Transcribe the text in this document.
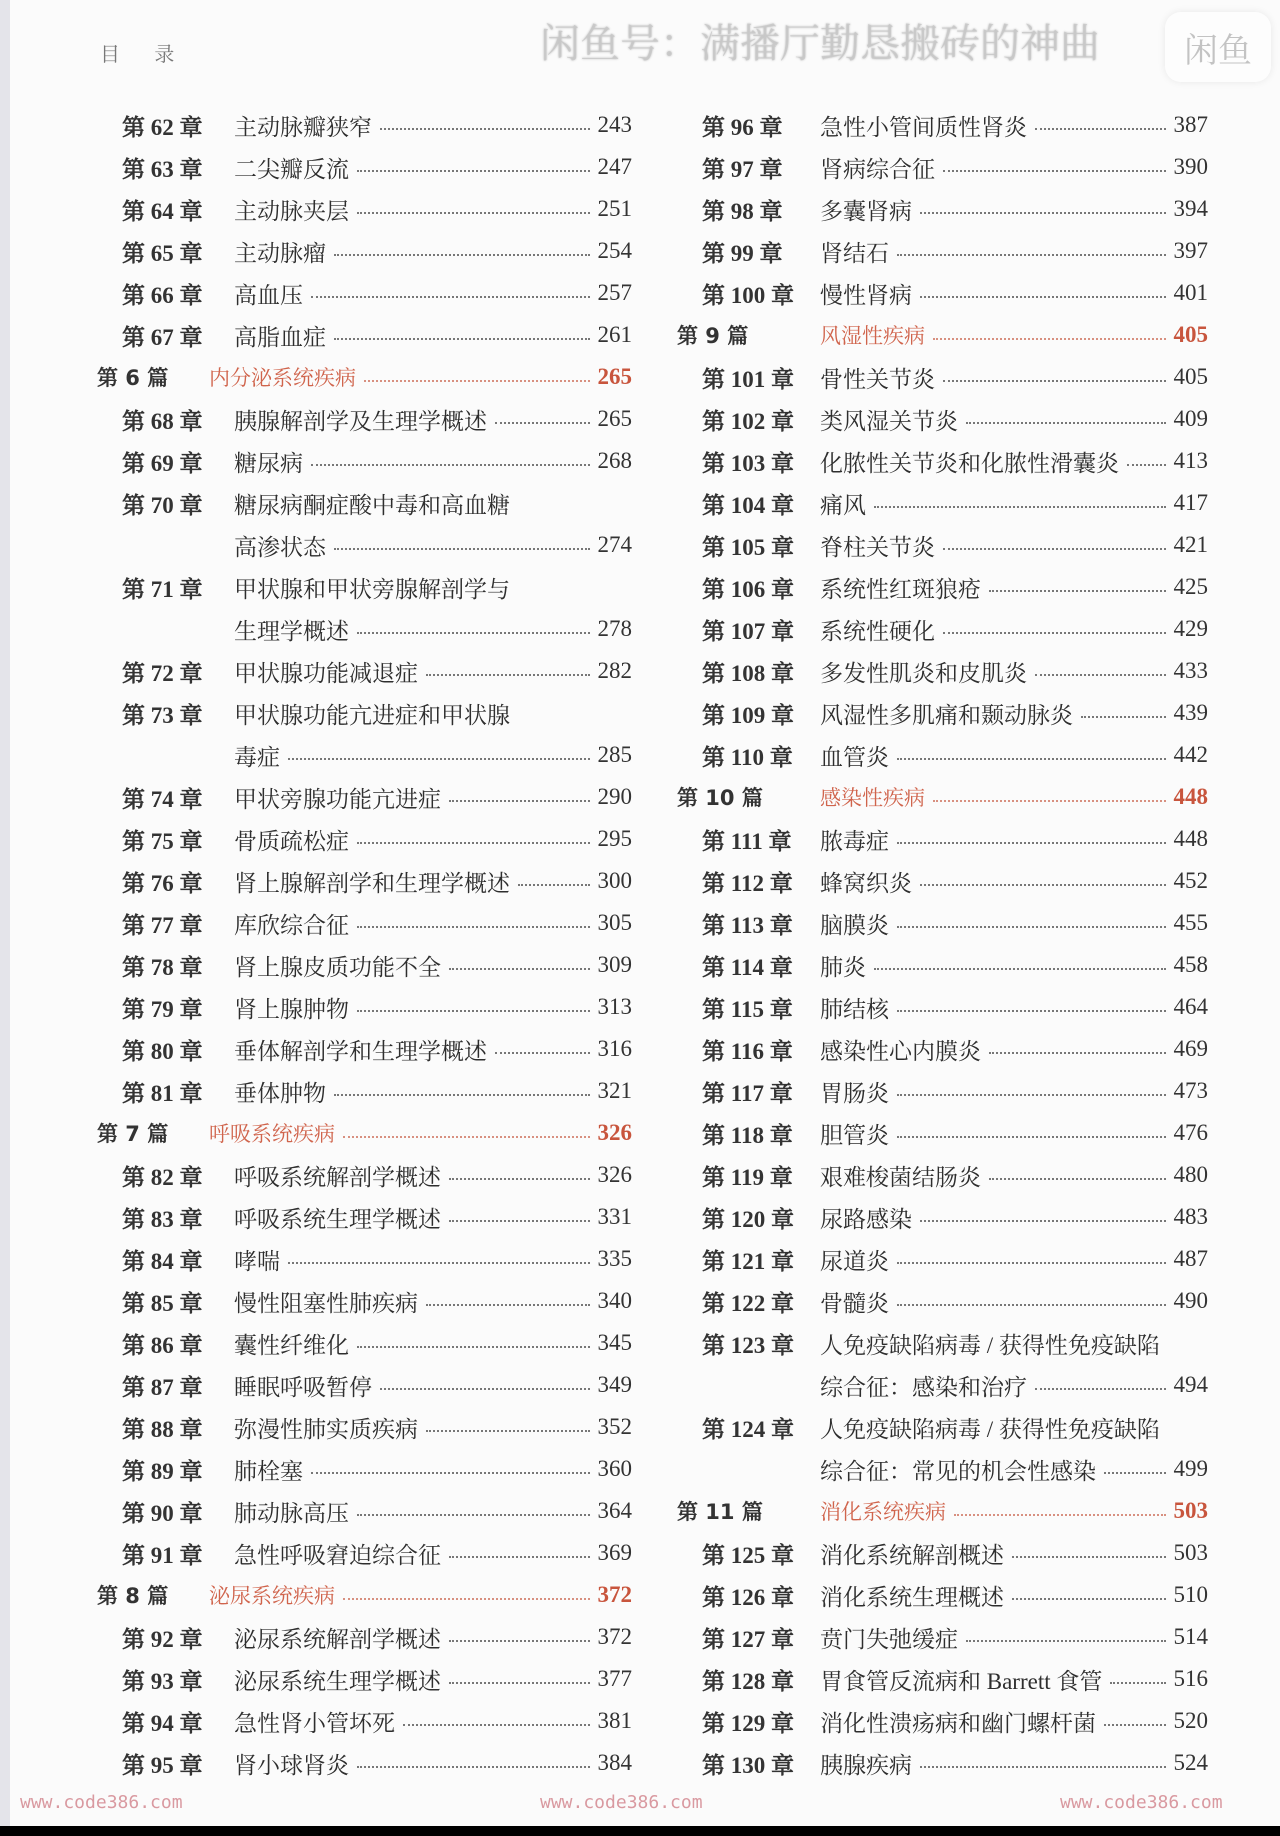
目 录	闲鱼号：满播厅勤恳搬砖的神曲	闲鱼
第 62 章	主动脉瓣狭窄	243
第 63 章	二尖瓣反流	247
第 64 章	主动脉夹层	251
第 65 章	主动脉瘤	254
第 66 章	高血压	257
第 67 章	高脂血症	261
第 6 篇	内分泌系统疾病	265
第 68 章	胰腺解剖学及生理学概述	265
第 69 章	糖尿病	268
第 70 章	糖尿病酮症酸中毒和高血糖
高渗状态	274
第 71 章	甲状腺和甲状旁腺解剖学与
生理学概述	278
第 72 章	甲状腺功能减退症	282
第 73 章	甲状腺功能亢进症和甲状腺
毒症	285
第 74 章	甲状旁腺功能亢进症	290
第 75 章	骨质疏松症	295
第 76 章	肾上腺解剖学和生理学概述	300
第 77 章	库欣综合征	305
第 78 章	肾上腺皮质功能不全	309
第 79 章	肾上腺肿物	313
第 80 章	垂体解剖学和生理学概述	316
第 81 章	垂体肿物	321
第 7 篇	呼吸系统疾病	326
第 82 章	呼吸系统解剖学概述	326
第 83 章	呼吸系统生理学概述	331
第 84 章	哮喘	335
第 85 章	慢性阻塞性肺疾病	340
第 86 章	囊性纤维化	345
第 87 章	睡眠呼吸暂停	349
第 88 章	弥漫性肺实质疾病	352
第 89 章	肺栓塞	360
第 90 章	肺动脉高压	364
第 91 章	急性呼吸窘迫综合征	369
第 8 篇	泌尿系统疾病	372
第 92 章	泌尿系统解剖学概述	372
第 93 章	泌尿系统生理学概述	377
第 94 章	急性肾小管坏死	381
第 95 章	肾小球肾炎	384
第 96 章	急性小管间质性肾炎	387
第 97 章	肾病综合征	390
第 98 章	多囊肾病	394
第 99 章	肾结石	397
第 100 章	慢性肾病	401
第 9 篇	风湿性疾病	405
第 101 章	骨性关节炎	405
第 102 章	类风湿关节炎	409
第 103 章	化脓性关节炎和化脓性滑囊炎 413
第 104 章	痛风	417
第 105 章	脊柱关节炎	421
第 106 章	系统性红斑狼疮	425
第 107 章	系统性硬化	429
第 108 章	多发性肌炎和皮肌炎	433
第 109 章	风湿性多肌痛和颞动脉炎	439
第 110 章	血管炎	442
第 10 篇	感染性疾病	448
第 111 章	脓毒症	448
第 112 章	蜂窝织炎	452
第 113 章	脑膜炎	455
第 114 章	肺炎	458
第 115 章	肺结核	464
第 116 章	感染性心内膜炎	469
第 117 章	胃肠炎	473
第 118 章	胆管炎	476
第 119 章	艰难梭菌结肠炎	480
第 120 章	尿路感染	483
第 121 章	尿道炎	487
第 122 章	骨髓炎	490
第 123 章	人免疫缺陷病毒 / 获得性免疫缺陷
综合征：感染和治疗	494
第 124 章	人免疫缺陷病毒 / 获得性免疫缺陷
综合征：常见的机会性感染	499
第 11 篇	消化系统疾病	503
第 125 章	消化系统解剖概述	503
第 126 章	消化系统生理概述	510
第 127 章	贲门失弛缓症	514
第 128 章	胃食管反流病和 Barrett 食管	516
第 129 章	消化性溃疡病和幽门螺杆菌	520
第 130 章	胰腺疾病	524
www.code386.com	www.code386.com	www.code386.com
